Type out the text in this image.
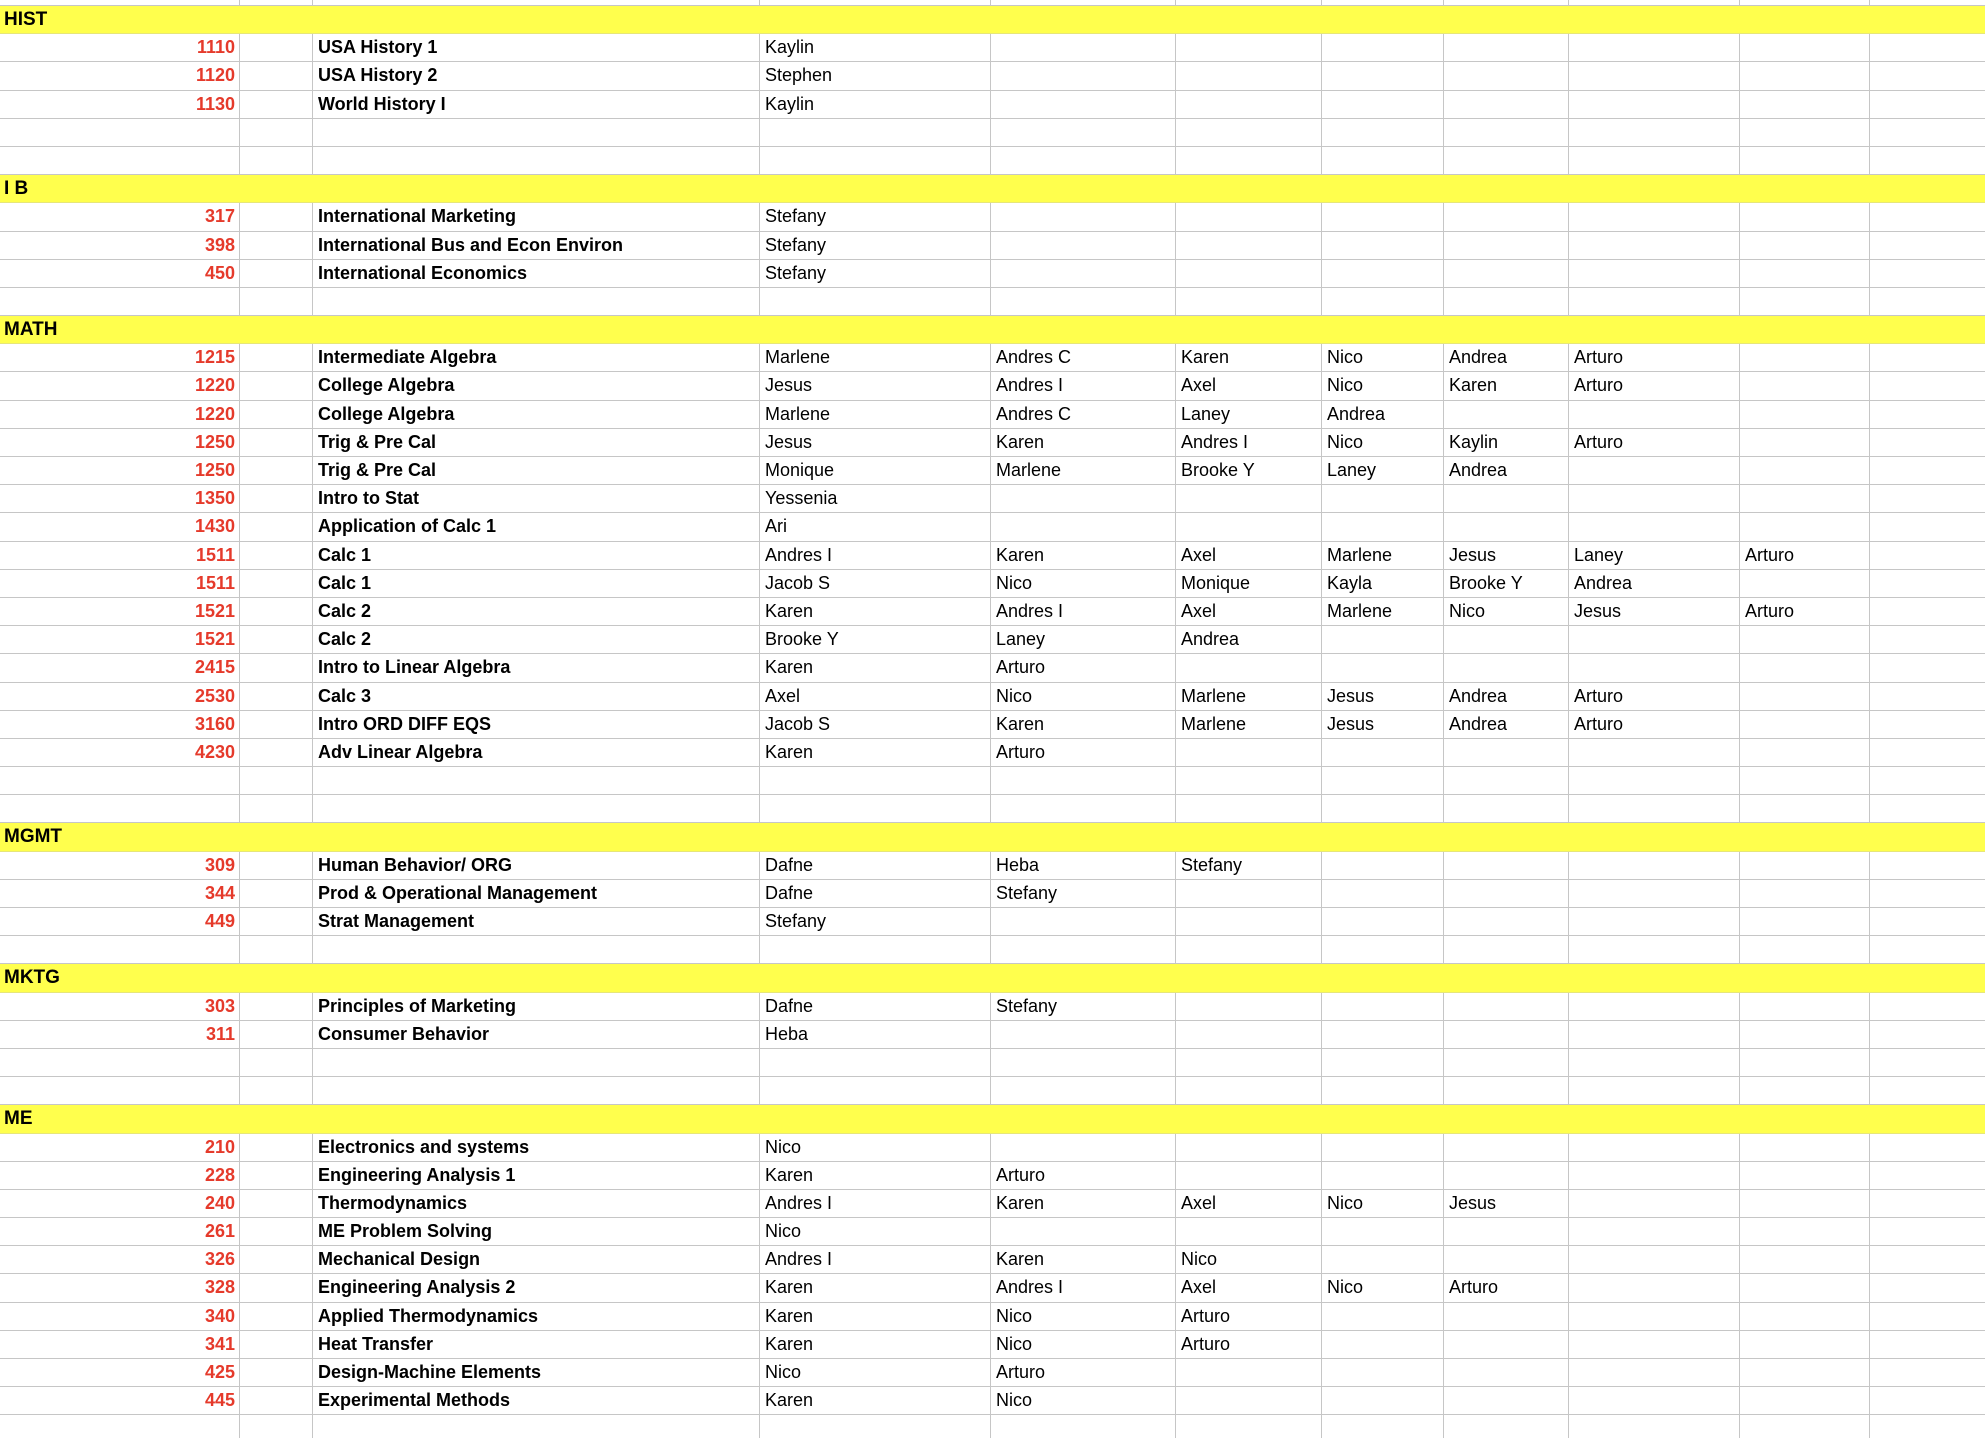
HIST
1110	USA History 1	Kaylin
1120	USA History 2	Stephen
1130	World History I	Kaylin
I B
317	International Marketing	Stefany
398	International Bus and Econ Environ	Stefany
450	International Economics	Stefany
MATH
1215	Intermediate Algebra	Marlene	Andres C	Karen	Nico	Andrea	Arturo
1220	College Algebra	Jesus	Andres I	Axel	Nico	Karen	Arturo
1220	College Algebra	Marlene	Andres C	Laney	Andrea
1250	Trig & Pre Cal	Jesus	Karen	Andres I	Nico	Kaylin	Arturo
1250	Trig & Pre Cal	Monique	Marlene	Brooke Y	Laney	Andrea
1350	Intro to Stat	Yessenia
1430	Application of Calc 1	Ari
1511	Calc 1	Andres I	Karen	Axel	Marlene	Jesus	Laney	Arturo
1511	Calc 1	Jacob S	Nico	Monique	Kayla	Brooke Y	Andrea
1521	Calc 2	Karen	Andres I	Axel	Marlene	Nico	Jesus	Arturo
1521	Calc 2	Brooke Y	Laney	Andrea
2415	Intro to Linear Algebra	Karen	Arturo
2530	Calc 3	Axel	Nico	Marlene	Jesus	Andrea	Arturo
3160	Intro ORD DIFF EQS	Jacob S	Karen	Marlene	Jesus	Andrea	Arturo
4230	Adv Linear Algebra	Karen	Arturo
MGMT
309	Human Behavior/ ORG	Dafne	Heba	Stefany
344	Prod & Operational Management	Dafne	Stefany
449	Strat Management	Stefany
MKTG
303	Principles of Marketing	Dafne	Stefany
311	Consumer Behavior	Heba
ME
210	Electronics and systems	Nico
228	Engineering Analysis 1	Karen	Arturo
240	Thermodynamics	Andres I	Karen	Axel	Nico	Jesus
261	ME Problem Solving	Nico
326	Mechanical Design	Andres I	Karen	Nico
328	Engineering Analysis 2	Karen	Andres I	Axel	Nico	Arturo
340	Applied Thermodynamics	Karen	Nico	Arturo
341	Heat Transfer	Karen	Nico	Arturo
425	Design-Machine Elements	Nico	Arturo
445	Experimental Methods	Karen	Nico
